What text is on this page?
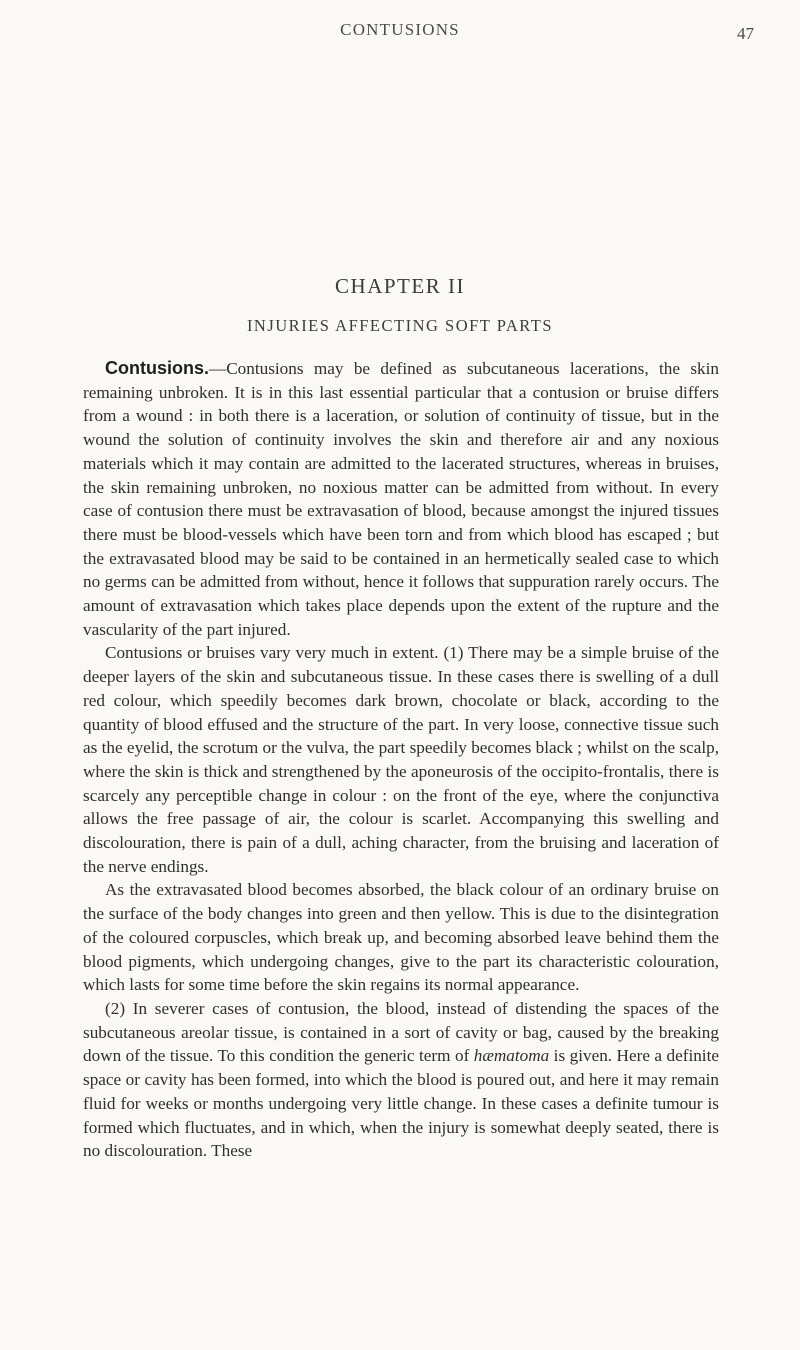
CONTUSIONS	47
CHAPTER II
INJURIES AFFECTING SOFT PARTS

Contusions.—Contusions may be defined as subcutaneous lacerations, the skin remaining unbroken. It is in this last essential particular that a contusion or bruise differs from a wound : in both there is a laceration, or solution of continuity of tissue, but in the wound the solution of continuity involves the skin and therefore air and any noxious materials which it may contain are admitted to the lacerated structures, whereas in bruises, the skin remaining unbroken, no noxious matter can be admitted from without. In every case of contusion there must be extravasation of blood, because amongst the injured tissues there must be blood-vessels which have been torn and from which blood has escaped ; but the extravasated blood may be said to be contained in an hermetically sealed case to which no germs can be admitted from without, hence it follows that suppuration rarely occurs. The amount of extravasation which takes place depends upon the extent of the rupture and the vascularity of the part injured.

Contusions or bruises vary very much in extent. (1) There may be a simple bruise of the deeper layers of the skin and subcutaneous tissue. In these cases there is swelling of a dull red colour, which speedily becomes dark brown, chocolate or black, according to the quantity of blood effused and the structure of the part. In very loose, connective tissue such as the eyelid, the scrotum or the vulva, the part speedily becomes black ; whilst on the scalp, where the skin is thick and strengthened by the aponeurosis of the occipito-frontalis, there is scarcely any perceptible change in colour : on the front of the eye, where the conjunctiva allows the free passage of air, the colour is scarlet. Accompanying this swelling and discolouration, there is pain of a dull, aching character, from the bruising and laceration of the nerve endings.

As the extravasated blood becomes absorbed, the black colour of an ordinary bruise on the surface of the body changes into green and then yellow. This is due to the disintegration of the coloured corpuscles, which break up, and becoming absorbed leave behind them the blood pigments, which undergoing changes, give to the part its characteristic colouration, which lasts for some time before the skin regains its normal appearance.

(2) In severer cases of contusion, the blood, instead of distending the spaces of the subcutaneous areolar tissue, is contained in a sort of cavity or bag, caused by the breaking down of the tissue. To this condition the generic term of hæmatoma is given. Here a definite space or cavity has been formed, into which the blood is poured out, and here it may remain fluid for weeks or months undergoing very little change. In these cases a definite tumour is formed which fluctuates, and in which, when the injury is somewhat deeply seated, there is no discolouration. These
